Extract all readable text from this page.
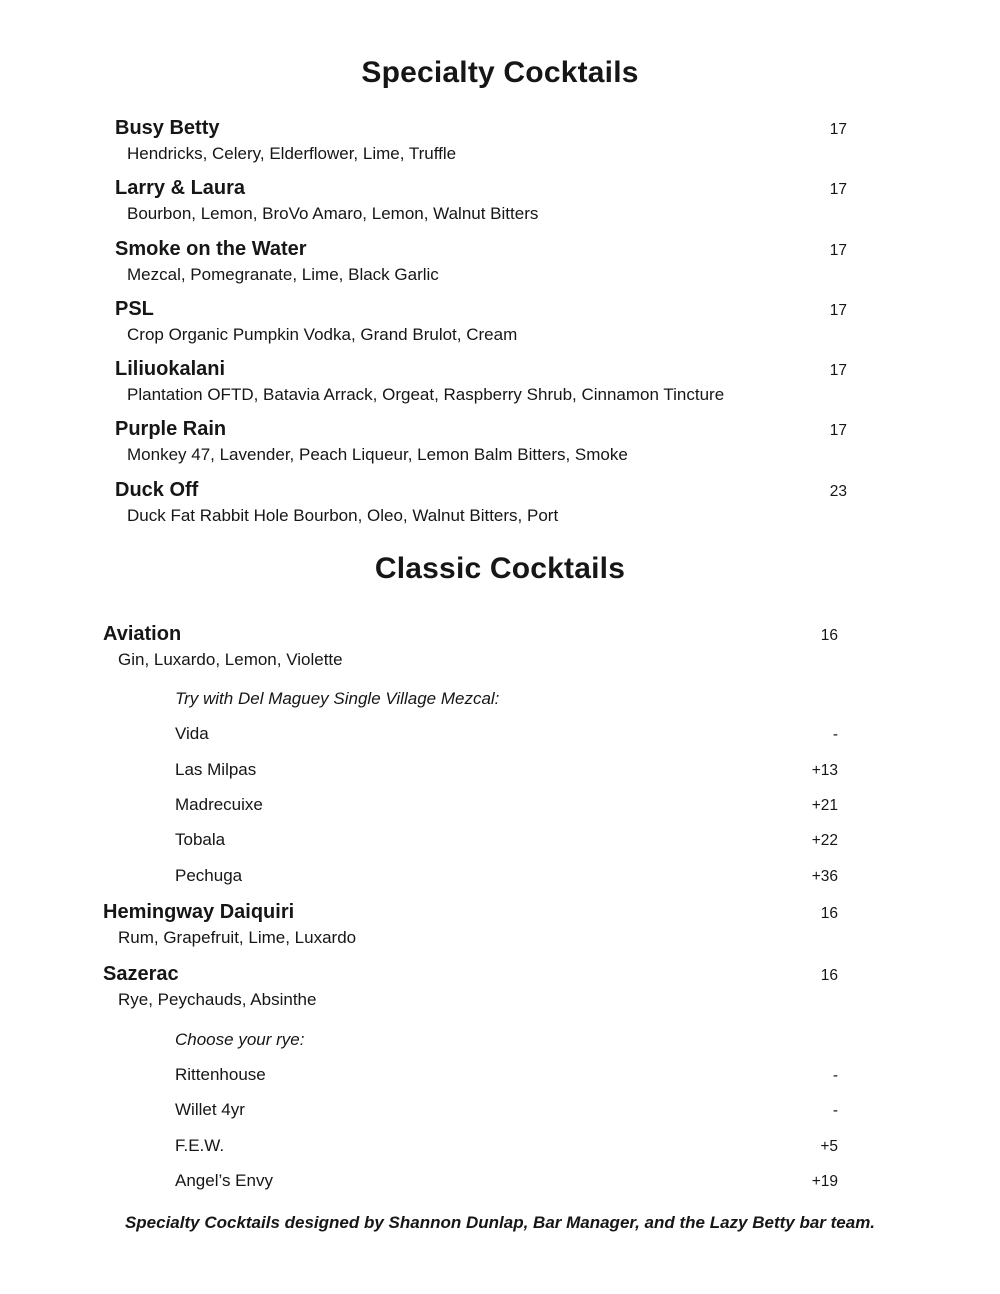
Specialty Cocktails
Busy Betty	17
Hendricks, Celery, Elderflower, Lime, Truffle
Larry & Laura	17
Bourbon, Lemon, BroVo Amaro, Lemon, Walnut Bitters
Smoke on the Water	17
Mezcal, Pomegranate, Lime, Black Garlic
PSL	17
Crop Organic Pumpkin Vodka, Grand Brulot, Cream
Liliuokalani	17
Plantation OFTD, Batavia Arrack, Orgeat, Raspberry Shrub, Cinnamon Tincture
Purple Rain	17
Monkey 47, Lavender, Peach Liqueur, Lemon Balm Bitters, Smoke
Duck Off	23
Duck Fat Rabbit Hole Bourbon, Oleo, Walnut Bitters, Port
Classic Cocktails
Aviation	16
Gin, Luxardo, Lemon, Violette
Try with Del Maguey Single Village Mezcal:
Vida	-
Las Milpas	+13
Madrecuixe	+21
Tobala	+22
Pechuga	+36
Hemingway Daiquiri	16
Rum, Grapefruit, Lime, Luxardo
Sazerac	16
Rye, Peychauds, Absinthe
Choose your rye:
Rittenhouse	-
Willet 4yr	-
F.E.W.	+5
Angel’s Envy	+19
Specialty Cocktails designed by Shannon Dunlap, Bar Manager, and the Lazy Betty bar team.
